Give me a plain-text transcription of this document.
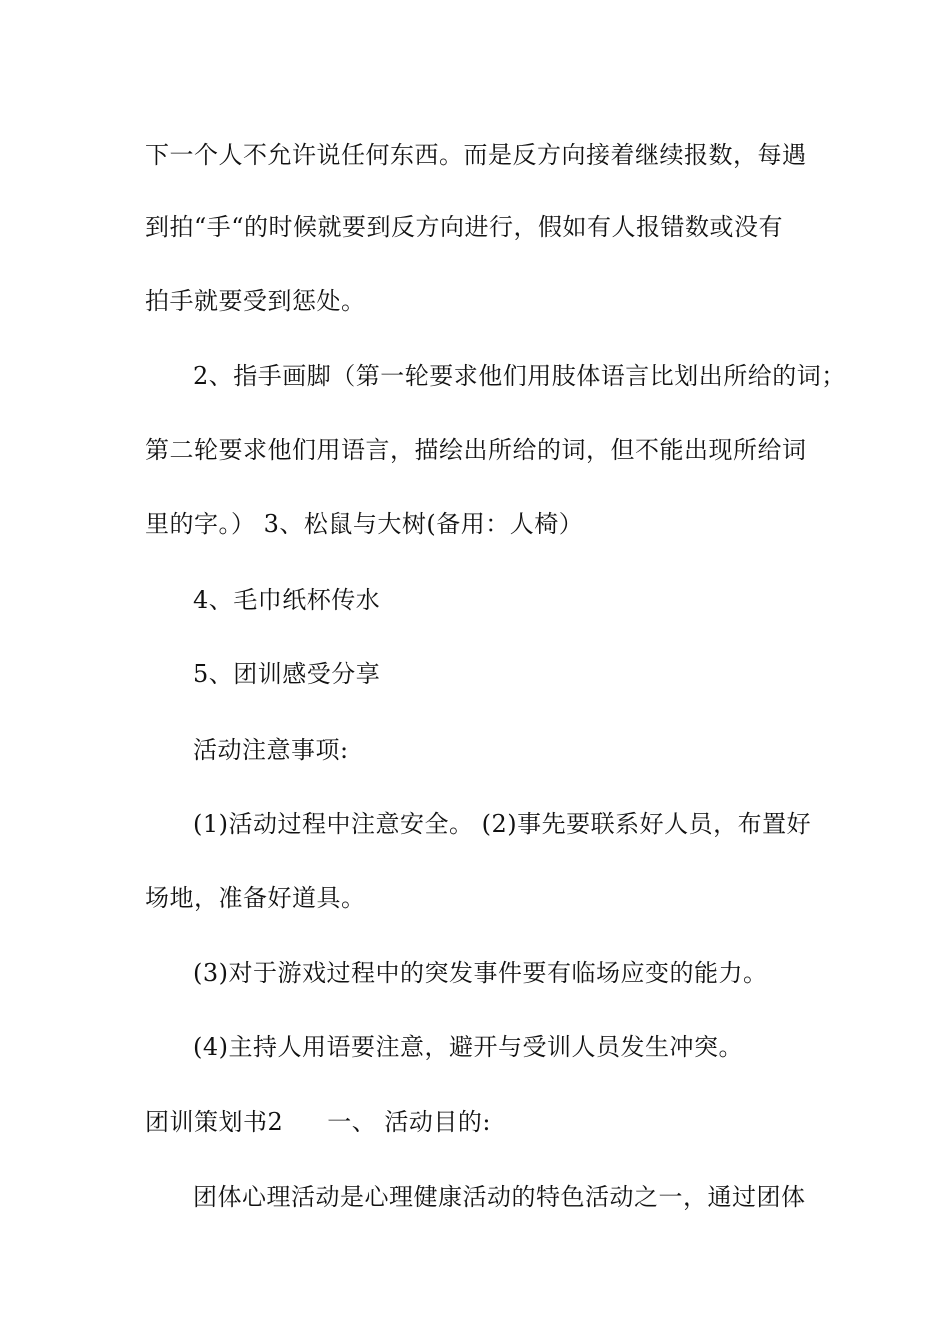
下一个人不允许说任何东西。而是反方向接着继续报数，每遇
到拍“手“的时候就要到反方向进行，假如有人报错数或没有
拍手就要受到惩处。
2、指手画脚（第一轮要求他们用肢体语言比划出所给的词；
第二轮要求他们用语言，描绘出所给的词，但不能出现所给词
里的字。） 3、松鼠与大树(备用：人椅）
4、毛巾纸杯传水
5、团训感受分享
活动注意事项:
(1)活动过程中注意安全。 (2)事先要联系好人员，布置好
场地，准备好道具。
(3)对于游戏过程中的突发事件要有临场应变的能力。
(4)主持人用语要注意，避开与受训人员发生冲突。
团训策划书2 一、 活动目的:
团体心理活动是心理健康活动的特色活动之一，通过团体
